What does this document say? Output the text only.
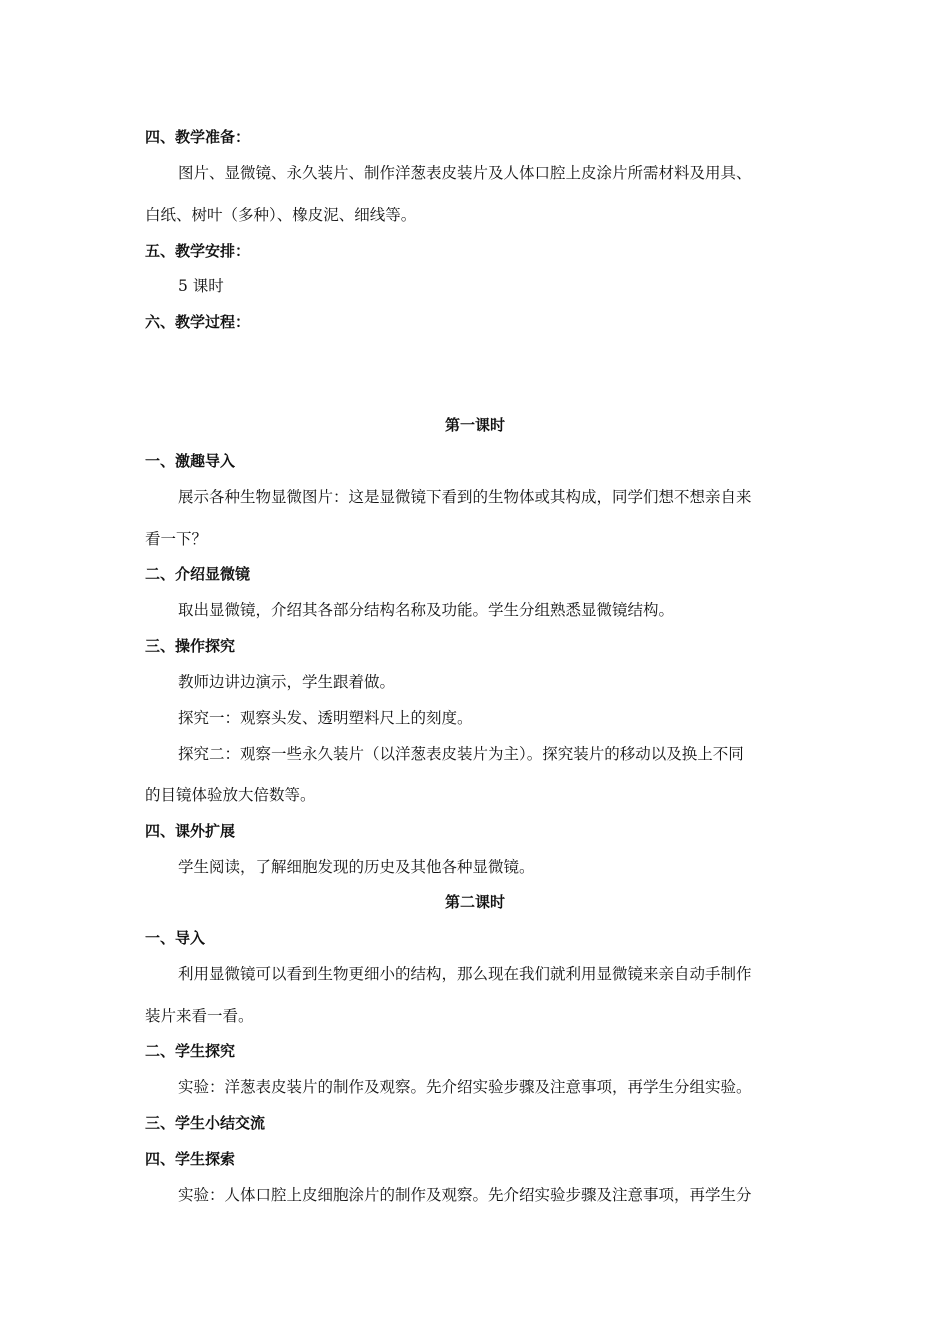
四、教学准备：
图片、显微镜、永久装片、制作洋葱表皮装片及人体口腔上皮涂片所需材料及用具、
白纸、树叶（多种）、橡皮泥、细线等。
五、教学安排：
5 课时
六、教学过程：
第一课时
一、激趣导入
展示各种生物显微图片：这是显微镜下看到的生物体或其构成，同学们想不想亲自来
看一下？
二、介绍显微镜
取出显微镜，介绍其各部分结构名称及功能。学生分组熟悉显微镜结构。
三、操作探究
教师边讲边演示，学生跟着做。
探究一：观察头发、透明塑料尺上的刻度。
探究二：观察一些永久装片（以洋葱表皮装片为主）。探究装片的移动以及换上不同
的目镜体验放大倍数等。
四、课外扩展
学生阅读，了解细胞发现的历史及其他各种显微镜。
第二课时
一、导入
利用显微镜可以看到生物更细小的结构，那么现在我们就利用显微镜来亲自动手制作
装片来看一看。
二、学生探究
实验：洋葱表皮装片的制作及观察。先介绍实验步骤及注意事项，再学生分组实验。
三、学生小结交流
四、学生探索
实验：人体口腔上皮细胞涂片的制作及观察。先介绍实验步骤及注意事项，再学生分
